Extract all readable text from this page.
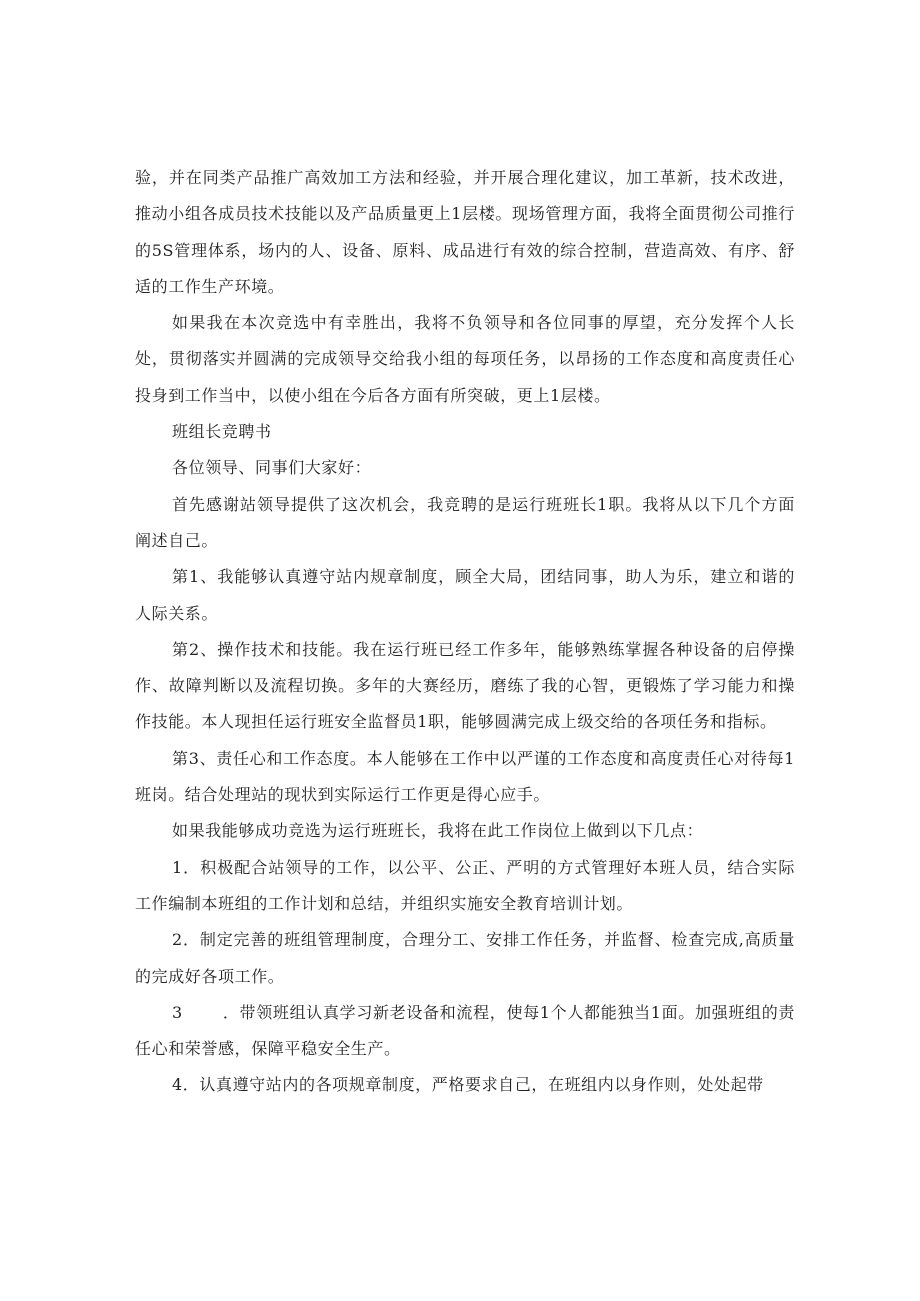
验，并在同类产品推广高效加工方法和经验，并开展合理化建议，加工革新，技术改进，推动小组各成员技术技能以及产品质量更上1层楼。现场管理方面，我将全面贯彻公司推行的5S管理体系，场内的人、设备、原料、成品进行有效的综合控制，营造高效、有序、舒适的工作生产环境。

如果我在本次竞选中有幸胜出，我将不负领导和各位同事的厚望，充分发挥个人长处，贯彻落实并圆满的完成领导交给我小组的每项任务，以昂扬的工作态度和高度责任心投身到工作当中，以使小组在今后各方面有所突破，更上1层楼。

班组长竞聘书

各位领导、同事们大家好：

首先感谢站领导提供了这次机会，我竞聘的是运行班班长1职。我将从以下几个方面阐述自己。

第1、我能够认真遵守站内规章制度，顾全大局，团结同事，助人为乐，建立和谐的人际关系。

第2、操作技术和技能。我在运行班已经工作多年，能够熟练掌握各种设备的启停操作、故障判断以及流程切换。多年的大赛经历，磨练了我的心智，更锻炼了学习能力和操作技能。本人现担任运行班安全监督员1职，能够圆满完成上级交给的各项任务和指标。

第3、责任心和工作态度。本人能够在工作中以严谨的工作态度和高度责任心对待每1班岗。结合处理站的现状到实际运行工作更是得心应手。

如果我能够成功竞选为运行班班长，我将在此工作岗位上做到以下几点：

1．积极配合站领导的工作，以公平、公正、严明的方式管理好本班人员，结合实际工作编制本班组的工作计划和总结，并组织实施安全教育培训计划。

2．制定完善的班组管理制度，合理分工、安排工作任务，并监督、检查完成,高质量的完成好各项工作。

3	．带领班组认真学习新老设备和流程，使每1个人都能独当1面。加强班组的责任心和荣誉感，保障平稳安全生产。

4．认真遵守站内的各项规章制度，严格要求自己，在班组内以身作则，处处起带
